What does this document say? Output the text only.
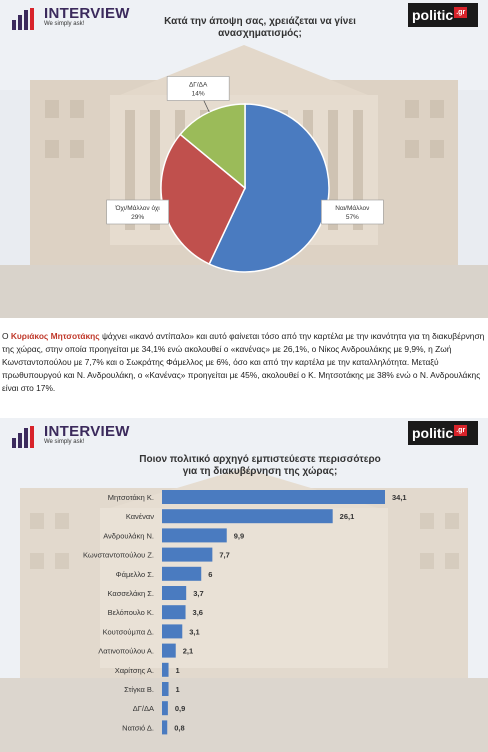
INTERVIEW
We simply ask!
politic .gr
Κατά την άποψη σας, χρειάζεται να γίνει
ανασχηματισμός;
Ναι/Μάλλον
57%
Όχι/Μάλλον όχι
29%
ΔΓ/ΔΑ
14%
Ο Κυριάκος Μητσοτάκης ψάχνει «ικανό αντίπαλο» και αυτό φαίνεται τόσο από την καρτέλα με την ικανότητα για τη διακυβέρνηση της χώρας, στην οποία προηγείται με 34,1% ενώ ακολουθεί ο «κανένας» με 26,1%, ο Νίκος Ανδρουλάκης με 9,9%, η Ζωή Κωνσταντοπούλου με 7,7% και ο Σωκράτης Φάμελλος με 6%, όσο και από την καρτέλα με την καταλληλότητα. Μεταξύ πρωθυπουργού και Ν. Ανδρουλάκη, ο «Κανένας» προηγείται με 45%, ακολουθεί ο Κ. Μητσοτάκης με 38% ενώ ο Ν. Ανδρουλάκης είναι στο 17%.
INTERVIEW
We simply ask!
politic .gr
Ποιον πολιτικό αρχηγό εμπιστεύεστε περισσότερο
για τη διακυβέρνηση της χώρας;
Μητσοτάκη Κ.	34,1
Κανέναν	26,1
Ανδρουλάκη Ν.	9,9
Κωνσταντοπούλου Ζ.	7,7
Φάμελλο Σ.	6
Κασσελάκη Σ.	3,7
Βελόπουλο Κ.	3,6
Κουτσούμπα Δ.	3,1
Λατινοπούλου Α.	2,1
Χαρίτσης Α.	1
Στίγκα Β.	1
ΔΓ/ΔΑ	0,9
Νατσιό Δ.	0,8
